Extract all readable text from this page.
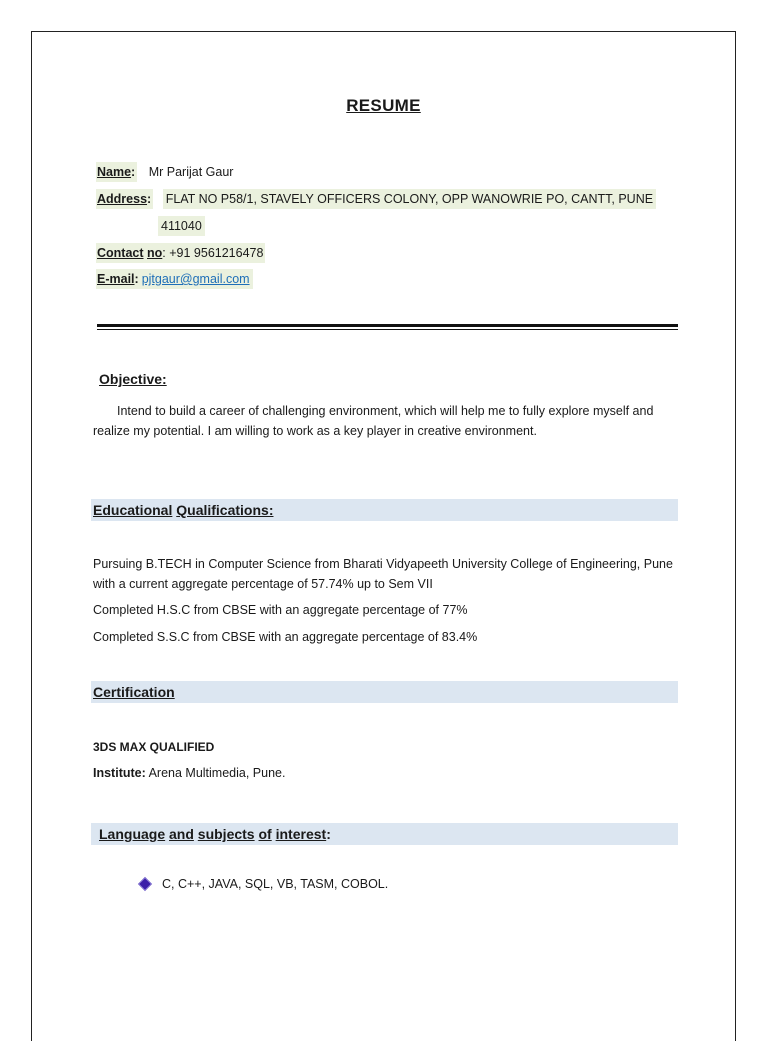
RESUME
Name: Mr Parijat Gaur
Address: FLAT NO P58/1, STAVELY OFFICERS COLONY, OPP WANOWRIE PO, CANTT, PUNE
411040
Contact no: +91 9561216478
E-mail: pjtgaur@gmail.com
Objective:
Intend to build a career of challenging environment, which will help me to fully explore myself and realize my potential. I am willing to work as a key player in creative environment.
Educational Qualifications:
Pursuing B.TECH in Computer Science from Bharati Vidyapeeth University College of Engineering, Pune with a current aggregate percentage of 57.74% up to Sem VII
Completed H.S.C from CBSE with an aggregate percentage of 77%
Completed S.S.C from CBSE with an aggregate percentage of 83.4%
Certification
3DS MAX QUALIFIED
Institute: Arena Multimedia, Pune.
Language and subjects of interest:
C, C++, JAVA, SQL, VB, TASM, COBOL.
